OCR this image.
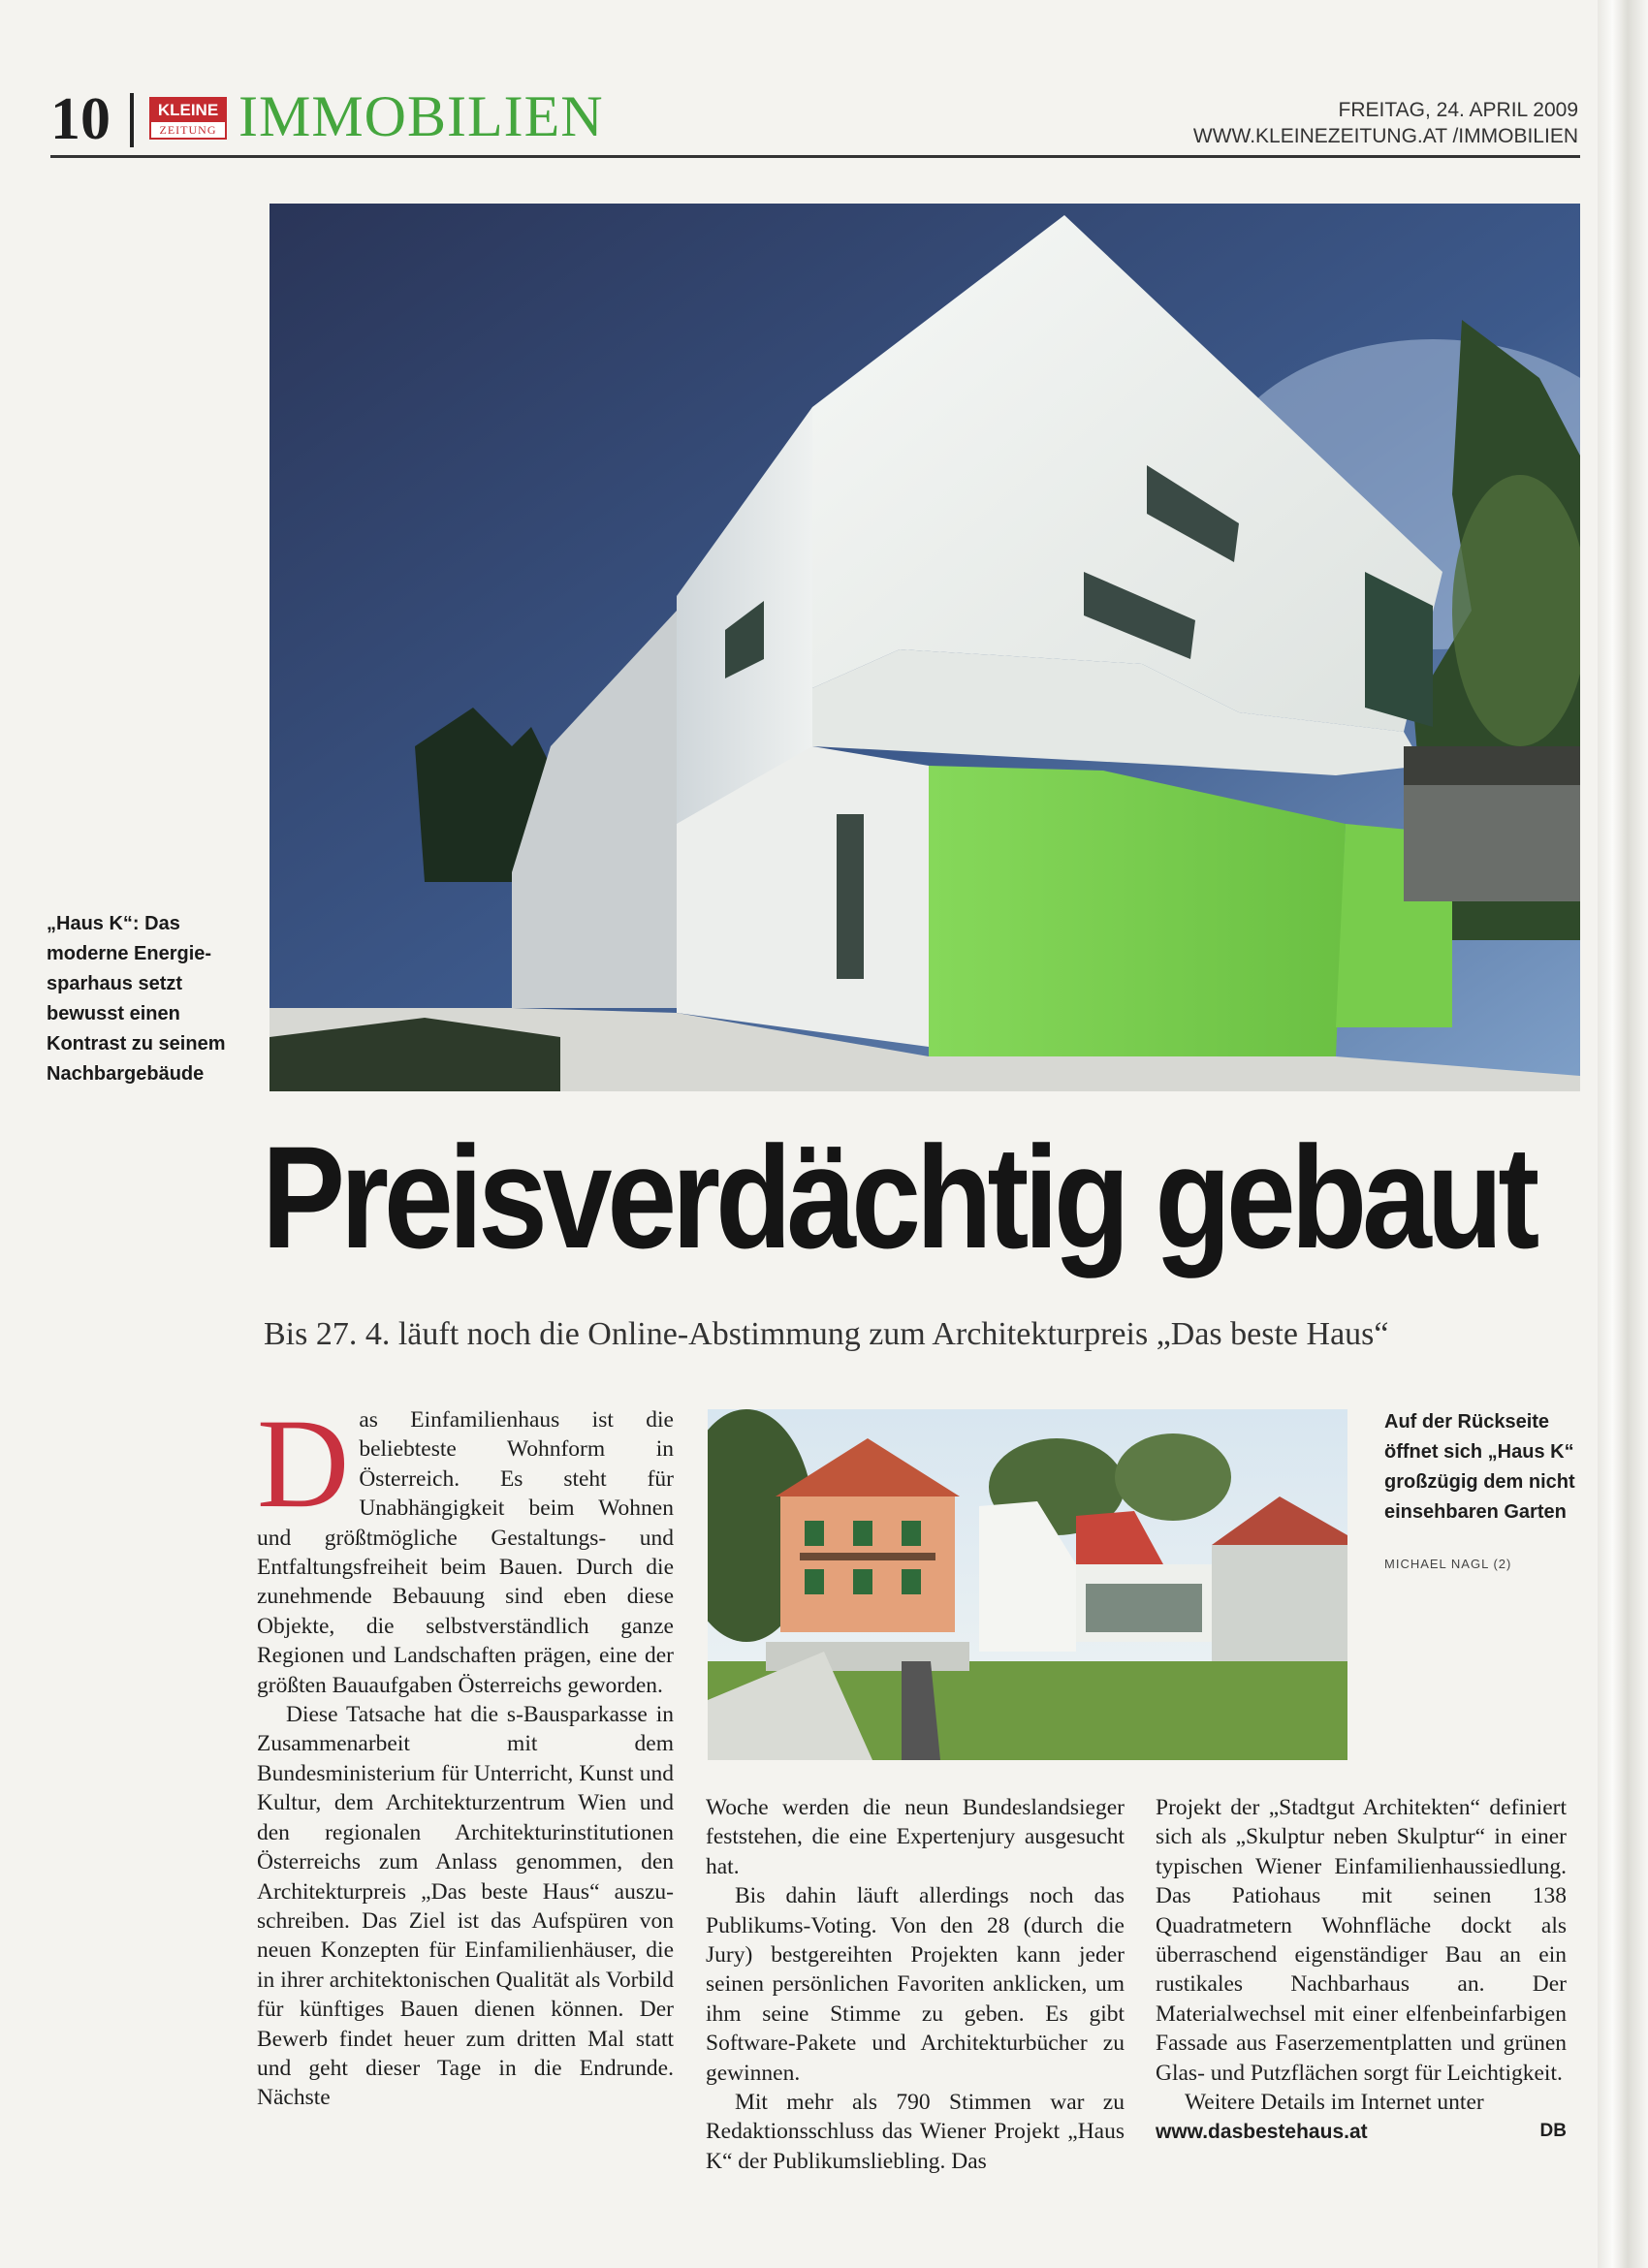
10	KLEINE
ZEITUNG IMMOBILIEN	FREITAG, 24. APRIL 2009
WWW.KLEINEZEITUNG.AT /IMMOBILIEN
„Haus K“: Das moderne Energiesparhaus setzt bewusst einen Kontrast zu seinem Nachbargebäude
Preisverdächtig gebaut
Bis 27. 4. läuft noch die Online-Abstimmung zum Architekturpreis „Das beste Haus“

Das Einfamilienhaus ist die beliebteste Wohnform in Österreich. Es steht für Unabhängigkeit beim Wohnen und größtmögliche Gestaltungs- und Entfaltungsfreiheit beim Bauen. Durch die zunehmende Bebauung sind eben diese Objekte, die selbstverständlich ganze Regionen und Landschaften prägen, eine der größten Bauaufgaben Österreichs geworden.

Diese Tatsache hat die s-Bausparkasse in Zusammenarbeit mit dem Bundesministerium für Unterricht, Kunst und Kultur, dem Architekturzentrum Wien und den regionalen Architekturinstitutionen Österreichs zum Anlass genommen, den Architekturpreis „Das beste Haus“ auszuschreiben. Das Ziel ist das Aufspüren von neuen Konzepten für Einfamilienhäuser, die in ihrer architektonischen Qualität als Vorbild für künftiges Bauen dienen können. Der Bewerb findet heuer zum dritten Mal statt und geht dieser Tage in die Endrunde. Nächste

Auf der Rückseite öffnet sich „Haus K“ großzügig dem nicht einsehbaren Garten
MICHAEL NAGL (2)

Woche werden die neun Bundeslandsieger feststehen, die eine Expertenjury ausgesucht hat.

Bis dahin läuft allerdings noch das Publikums-Voting. Von den 28 (durch die Jury) bestgereihten Projekten kann jeder seinen persönlichen Favoriten anklicken, um ihm seine Stimme zu geben. Es gibt Software-Pakete und Architekturbücher zu gewinnen.

Mit mehr als 790 Stimmen war zu Redaktionsschluss das Wiener Projekt „Haus K“ der Publikumsliebling. Das

Projekt der „Stadtgut Architekten“ definiert sich als „Skulptur neben Skulptur“ in einer typischen Wiener Einfamilienhaussiedlung. Das Patiohaus mit seinen 138 Quadratmetern Wohnfläche dockt als überraschend eigenständiger Bau an ein rustikales Nachbarhaus an. Der Materialwechsel mit einer elfenbeinfarbigen Fassade aus Faserzementplatten und grünen Glas- und Putzflächen sorgt für Leichtigkeit.

Weitere Details im Internet unter

www.dasbestehaus.at	DB
